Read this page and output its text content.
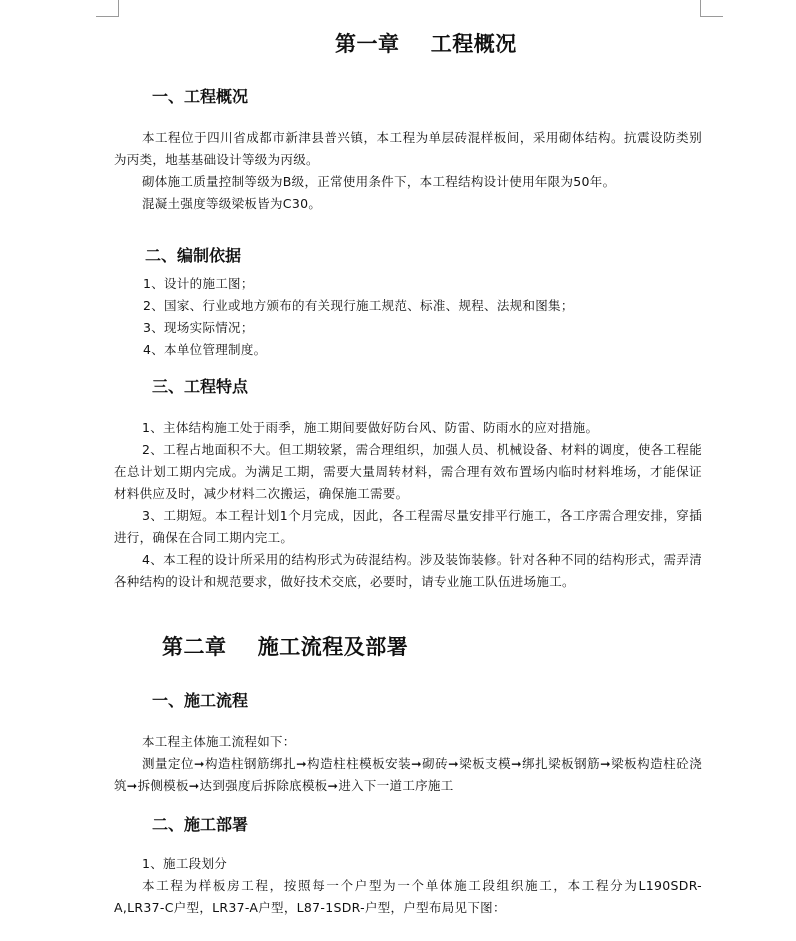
第一章    工程概况
一、工程概况

本工程位于四川省成都市新津县普兴镇，本工程为单层砖混样板间，采用砌体结构。抗震设防类别为丙类，地基基础设计等级为丙级。

砌体施工质量控制等级为B级，正常使用条件下，本工程结构设计使用年限为50年。

混凝土强度等级梁板皆为C30。

二、编制依据

1、设计的施工图；

2、国家、行业或地方颁布的有关现行施工规范、标准、规程、法规和图集；

3、现场实际情况；

4、本单位管理制度。

三、工程特点

1、主体结构施工处于雨季，施工期间要做好防台风、防雷、防雨水的应对措施。

2、工程占地面积不大。但工期较紧，需合理组织，加强人员、机械设备、材料的调度，使各工程能在总计划工期内完成。为满足工期，需要大量周转材料，需合理有效布置场内临时材料堆场，才能保证材料供应及时，减少材料二次搬运，确保施工需要。

3、工期短。本工程计划1个月完成，因此，各工程需尽量安排平行施工，各工序需合理安排，穿插进行，确保在合同工期内完工。

4、本工程的设计所采用的结构形式为砖混结构。涉及装饰装修。针对各种不同的结构形式，需弄清各种结构的设计和规范要求，做好技术交底，必要时，请专业施工队伍进场施工。

第二章    施工流程及部署
一、施工流程

本工程主体施工流程如下：

测量定位➞构造柱钢筋绑扎➞构造柱柱模板安装➞砌砖➞梁板支模➞绑扎梁板钢筋➞梁板构造柱砼浇筑➞拆侧模板➞达到强度后拆除底模板➞进入下一道工序施工

二、施工部署

1、施工段划分

本工程为样板房工程，按照每一个户型为一个单体施工段组织施工，本工程分为L190SDR-A,LR37-C户型，LR37-A户型，L87-1SDR-户型，户型布局见下图：
